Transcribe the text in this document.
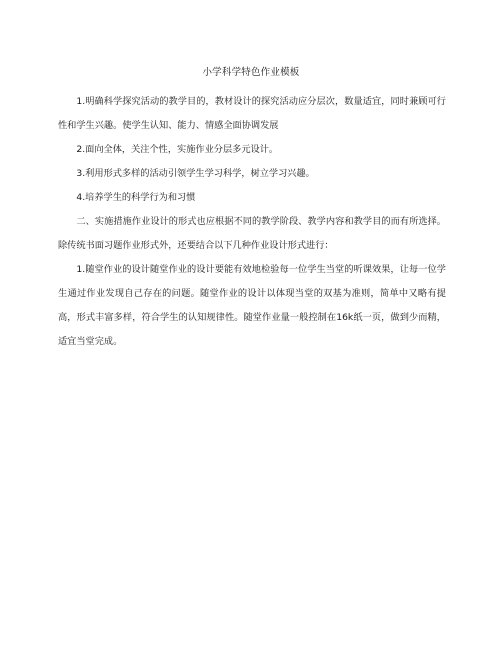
小学科学特色作业模板

1.明确科学探究活动的教学目的，教材设计的探究活动应分层次，数量适宜，同时兼顾可行性和学生兴趣。使学生认知、能力、情感全面协调发展

2.面向全体，关注个性，实施作业分层多元设计。

3.利用形式多样的活动引领学生学习科学，树立学习兴趣。

4.培养学生的科学行为和习惯

二、实施措施作业设计的形式也应根据不同的教学阶段、教学内容和教学目的而有所选择。除传统书面习题作业形式外，还要结合以下几种作业设计形式进行：

1.随堂作业的设计随堂作业的设计要能有效地检验每一位学生当堂的听课效果，让每一位学生通过作业发现自己存在的问题。随堂作业的设计以体现当堂的双基为准则，简单中又略有提高，形式丰富多样，符合学生的认知规律性。随堂作业量一般控制在16k纸一页，做到少而精，适宜当堂完成。
